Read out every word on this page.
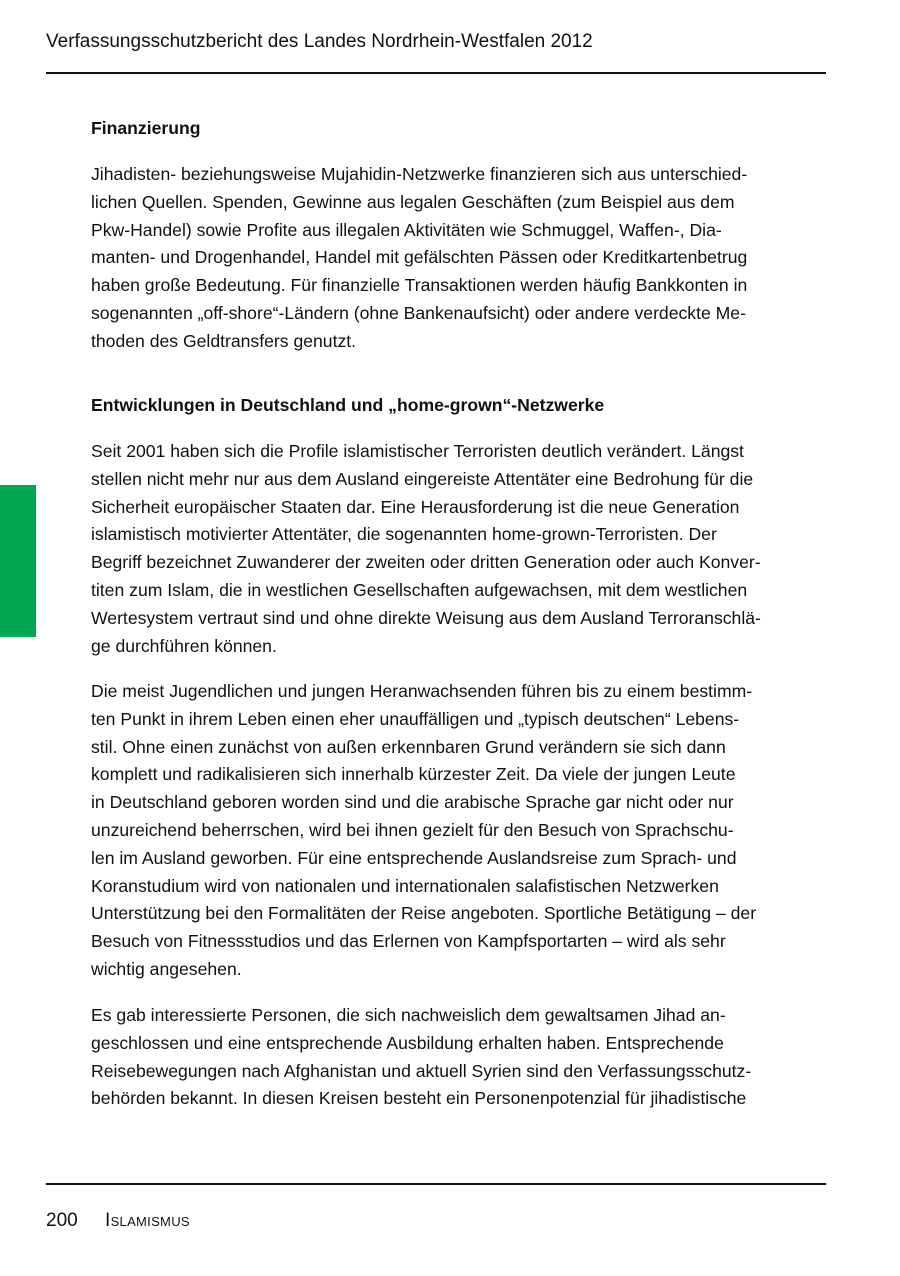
Verfassungsschutzbericht des Landes Nordrhein-Westfalen 2012
Finanzierung
Entwicklungen in Deutschland und „home-grown“-Netzwerke
Jihadisten- beziehungsweise Mujahidin-Netzwerke finanzieren sich aus unterschied-
lichen Quellen. Spenden, Gewinne aus legalen Geschäften (zum Beispiel aus dem
Pkw-Handel) sowie Profite aus illegalen Aktivitäten wie Schmuggel, Waffen-, Dia-
manten- und Drogenhandel, Handel mit gefälschten Pässen oder Kreditkartenbetrug
haben große Bedeutung. Für finanzielle Transaktionen werden häufig Bankkonten in
sogenannten „off-shore“-Ländern (ohne Bankenaufsicht) oder andere verdeckte Me-
thoden des Geldtransfers genutzt.
Seit 2001 haben sich die Profile islamistischer Terroristen deutlich verändert. Längst
stellen nicht mehr nur aus dem Ausland eingereiste Attentäter eine Bedrohung für die
Sicherheit europäischer Staaten dar. Eine Herausforderung ist die neue Generation
islamistisch motivierter Attentäter, die sogenannten home-grown-Terroristen. Der
Begriff bezeichnet Zuwanderer der zweiten oder dritten Generation oder auch Konver-
titen zum Islam, die in westlichen Gesellschaften aufgewachsen, mit dem westlichen
Wertesystem vertraut sind und ohne direkte Weisung aus dem Ausland Terroranschlä-
ge durchführen können.
Die meist Jugendlichen und jungen Heranwachsenden führen bis zu einem bestimm-
ten Punkt in ihrem Leben einen eher unauffälligen und „typisch deutschen“ Lebens-
stil. Ohne einen zunächst von außen erkennbaren Grund verändern sie sich dann
komplett und radikalisieren sich innerhalb kürzester Zeit. Da viele der jungen Leute
in Deutschland geboren worden sind und die arabische Sprache gar nicht oder nur
unzureichend beherrschen, wird bei ihnen gezielt für den Besuch von Sprachschu-
len im Ausland geworben. Für eine entsprechende Auslandsreise zum Sprach- und
Koranstudium wird von nationalen und internationalen salafistischen Netzwerken
Unterstützung bei den Formalitäten der Reise angeboten. Sportliche Betätigung – der
Besuch von Fitnessstudios und das Erlernen von Kampfsportarten – wird als sehr
wichtig angesehen.
Es gab interessierte Personen, die sich nachweislich dem gewaltsamen Jihad an-
geschlossen und eine entsprechende Ausbildung erhalten haben. Entsprechende
Reisebewegungen nach Afghanistan und aktuell Syrien sind den Verfassungsschutz-
behörden bekannt. In diesen Kreisen besteht ein Personenpotenzial für jihadistische
200 Islamismus
